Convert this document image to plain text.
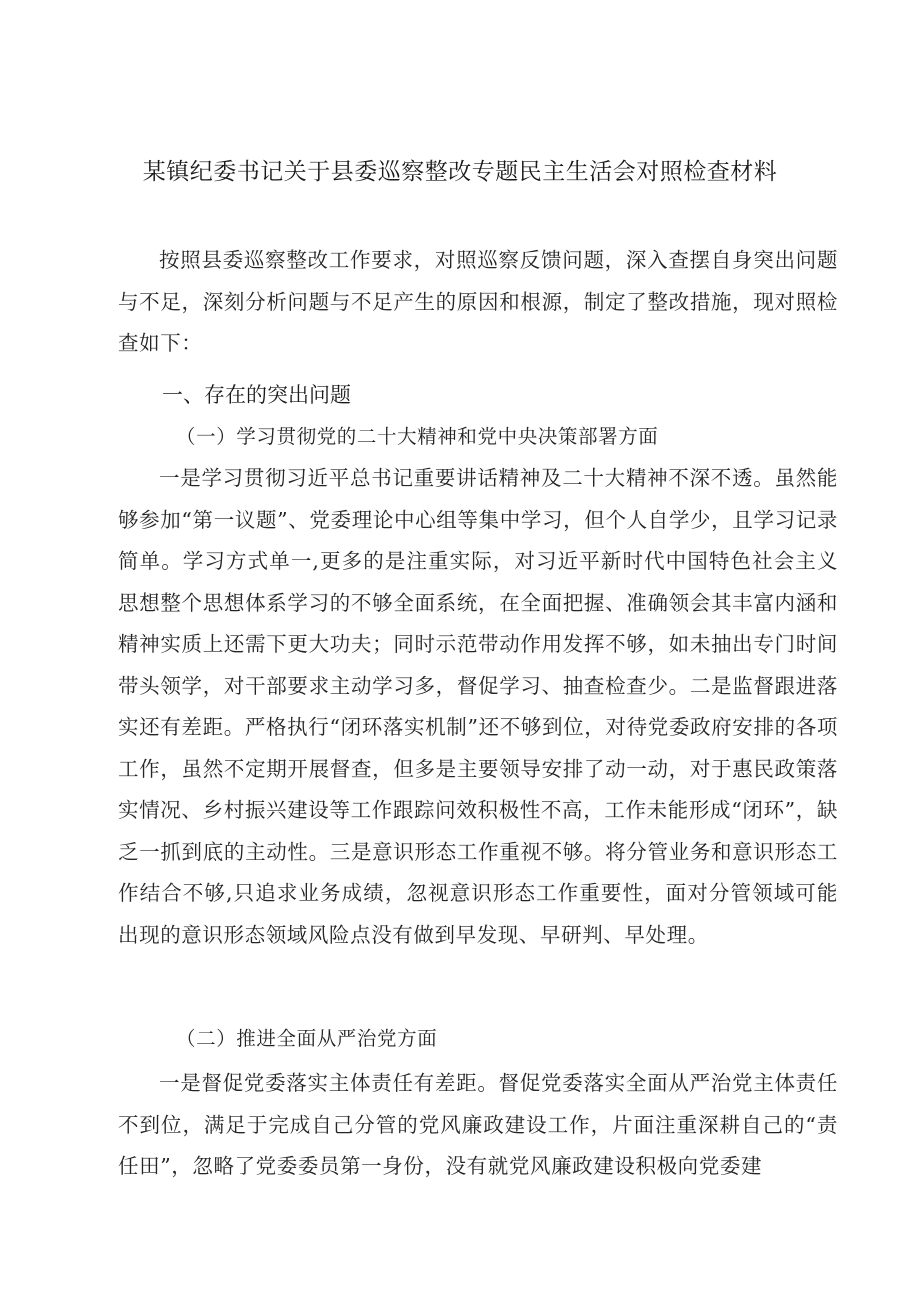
某镇纪委书记关于县委巡察整改专题民主生活会对照检查材料

按照县委巡察整改工作要求，对照巡察反馈问题，深入查摆自身突出问题与不足，深刻分析问题与不足产生的原因和根源，制定了整改措施，现对照检查如下：

一、存在的突出问题
（一）学习贯彻党的二十大精神和党中央决策部署方面

一是学习贯彻习近平总书记重要讲话精神及二十大精神不深不透。虽然能够参加“第一议题”、党委理论中心组等集中学习，但个人自学少，且学习记录简单。学习方式单一,更多的是注重实际，对习近平新时代中国特色社会主义思想整个思想体系学习的不够全面系统，在全面把握、准确领会其丰富内涵和精神实质上还需下更大功夫；同时示范带动作用发挥不够，如未抽出专门时间带头领学，对干部要求主动学习多，督促学习、抽查检查少。二是监督跟进落实还有差距。严格执行“闭环落实机制”还不够到位，对待党委政府安排的各项工作，虽然不定期开展督查，但多是主要领导安排了动一动，对于惠民政策落实情况、乡村振兴建设等工作跟踪问效积极性不高，工作未能形成“闭环”，缺乏一抓到底的主动性。三是意识形态工作重视不够。将分管业务和意识形态工作结合不够,只追求业务成绩，忽视意识形态工作重要性，面对分管领域可能出现的意识形态领域风险点没有做到早发现、早研判、早处理。

（二）推进全面从严治党方面

一是督促党委落实主体责任有差距。督促党委落实全面从严治党主体责任不到位，满足于完成自己分管的党风廉政建设工作，片面注重深耕自己的“责任田”，忽略了党委委员第一身份，没有就党风廉政建设积极向党委建
